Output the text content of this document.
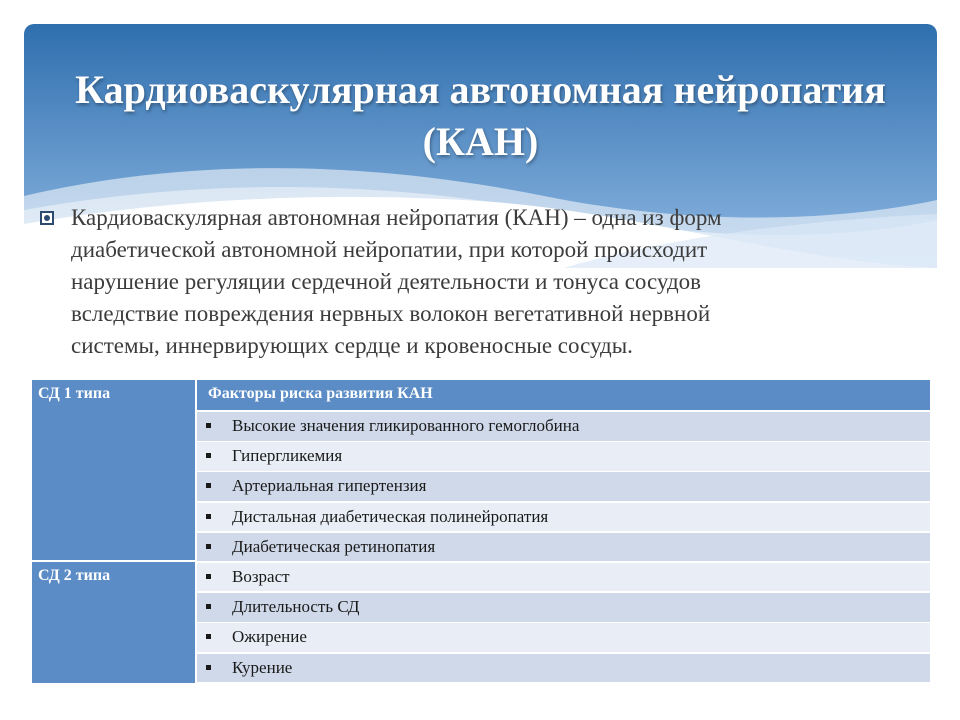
Кардиоваскулярная автономная нейропатия
(КАН)
Кардиоваскулярная автономная нейропатия (КАН) – одна из форм
диабетической автономной нейропатии, при которой происходит
нарушение регуляции сердечной деятельности и тонуса сосудов
вследствие повреждения нервных волокон вегетативной нервной
системы, иннервирующих сердце и кровеносные сосуды.
СД 1 типа
СД 2 типа
Факторы риска развития КАН
Высокие значения гликированного гемоглобина
Гипергликемия
Артериальная гипертензия
Дистальная диабетическая полинейропатия
Диабетическая ретинопатия
Возраст
Длительность СД
Ожирение
Курение
